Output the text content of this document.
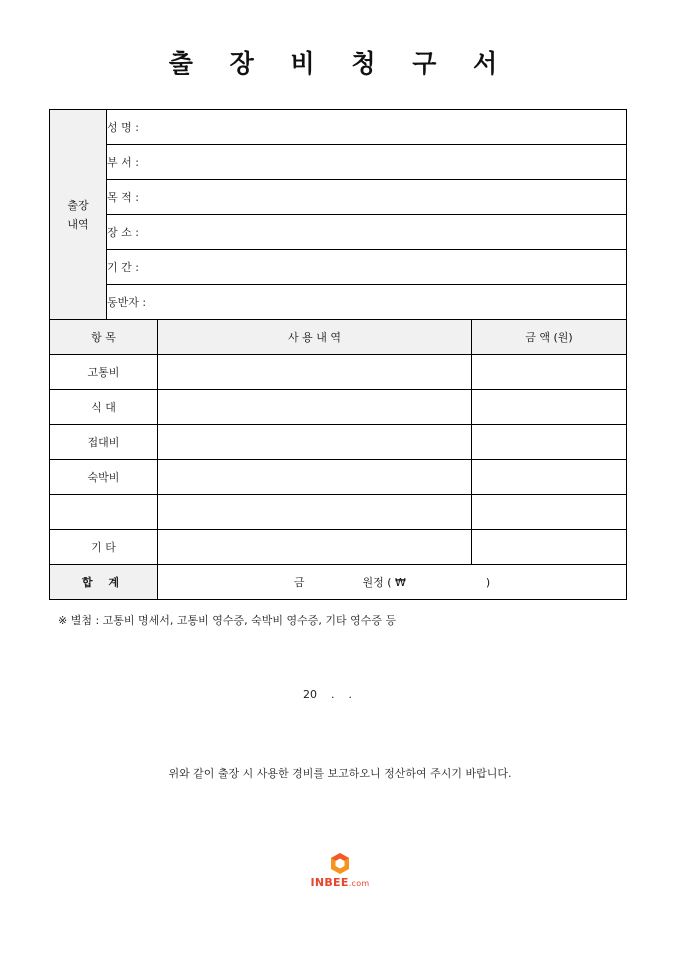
출 장 비 청 구 서
출장
내역	성 명 :		
	부 서 :		
	목 적 :		
	장 소 :		
	기 간 :		
	동반자 :		
항 목		사 용 내 역	금 액 (원)
고통비			
식 대			
접대비			
숙박비			

기 타			
합 계		금 원정 ( ₩ )	
※ 별첨 : 고통비 명세서, 고통비 영수증, 숙박비 영수증, 기타 영수증 등
20    .    .
위와 같이 출장 시 사용한 경비를 보고하오니 정산하여 주시기 바랍니다.
INBEE.com
